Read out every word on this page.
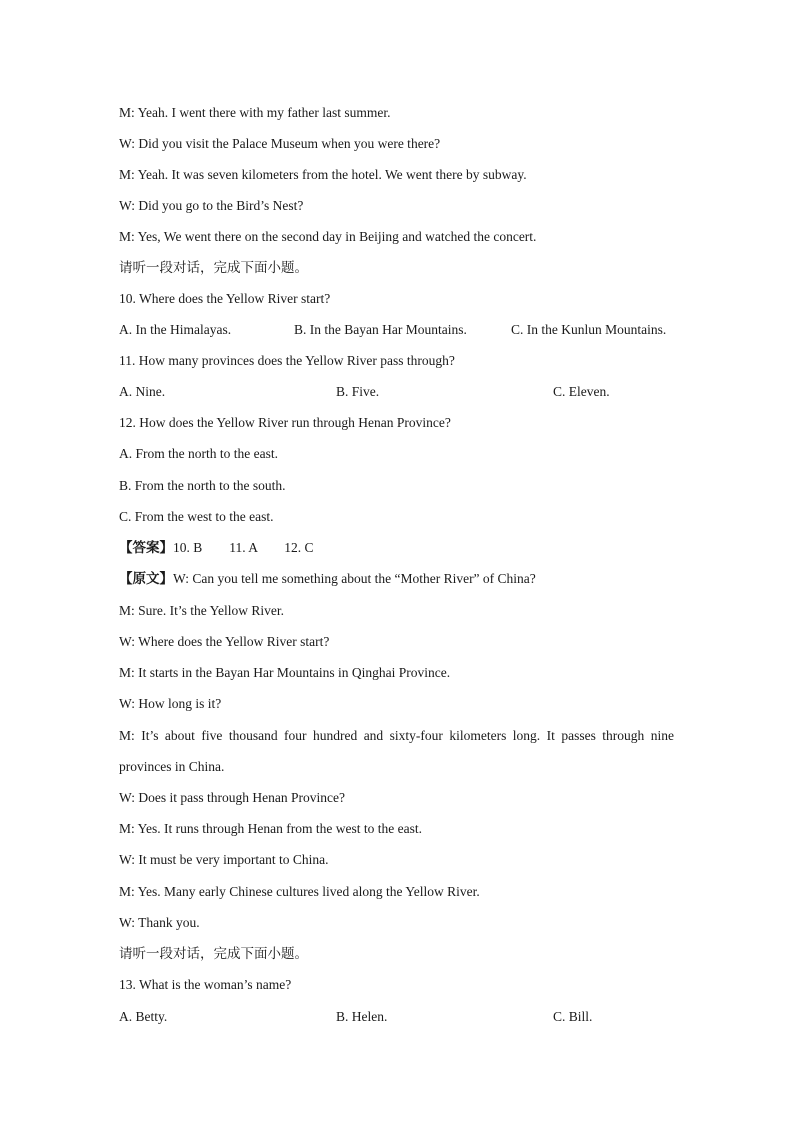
M: Yeah. I went there with my father last summer.
W: Did you visit the Palace Museum when you were there?
M: Yeah. It was seven kilometers from the hotel. We went there by subway.
W: Did you go to the Bird’s Nest?
M: Yes, We went there on the second day in Beijing and watched the concert.
请听一段对话，完成下面小题。
10. Where does the Yellow River start?
A. In the Himalayas.	B. In the Bayan Har Mountains.	C. In the Kunlun Mountains.
11. How many provinces does the Yellow River pass through?
A. Nine.	B. Five.	C. Eleven.
12. How does the Yellow River run through Henan Province?
A. From the north to the east.
B. From the north to the south.
C. From the west to the east.
【答案】10. B        11. A        12. C
【原文】W: Can you tell me something about the “Mother River” of China?
M: Sure. It’s the Yellow River.
W: Where does the Yellow River start?
M: It starts in the Bayan Har Mountains in Qinghai Province.
W: How long is it?
M: It’s about five thousand four hundred and sixty-four kilometers long. It passes through nine
provinces in China.
W: Does it pass through Henan Province?
M: Yes. It runs through Henan from the west to the east.
W: It must be very important to China.
M: Yes. Many early Chinese cultures lived along the Yellow River.
W: Thank you.
请听一段对话，完成下面小题。
13. What is the woman’s name?
A. Betty.	B. Helen.	C. Bill.
